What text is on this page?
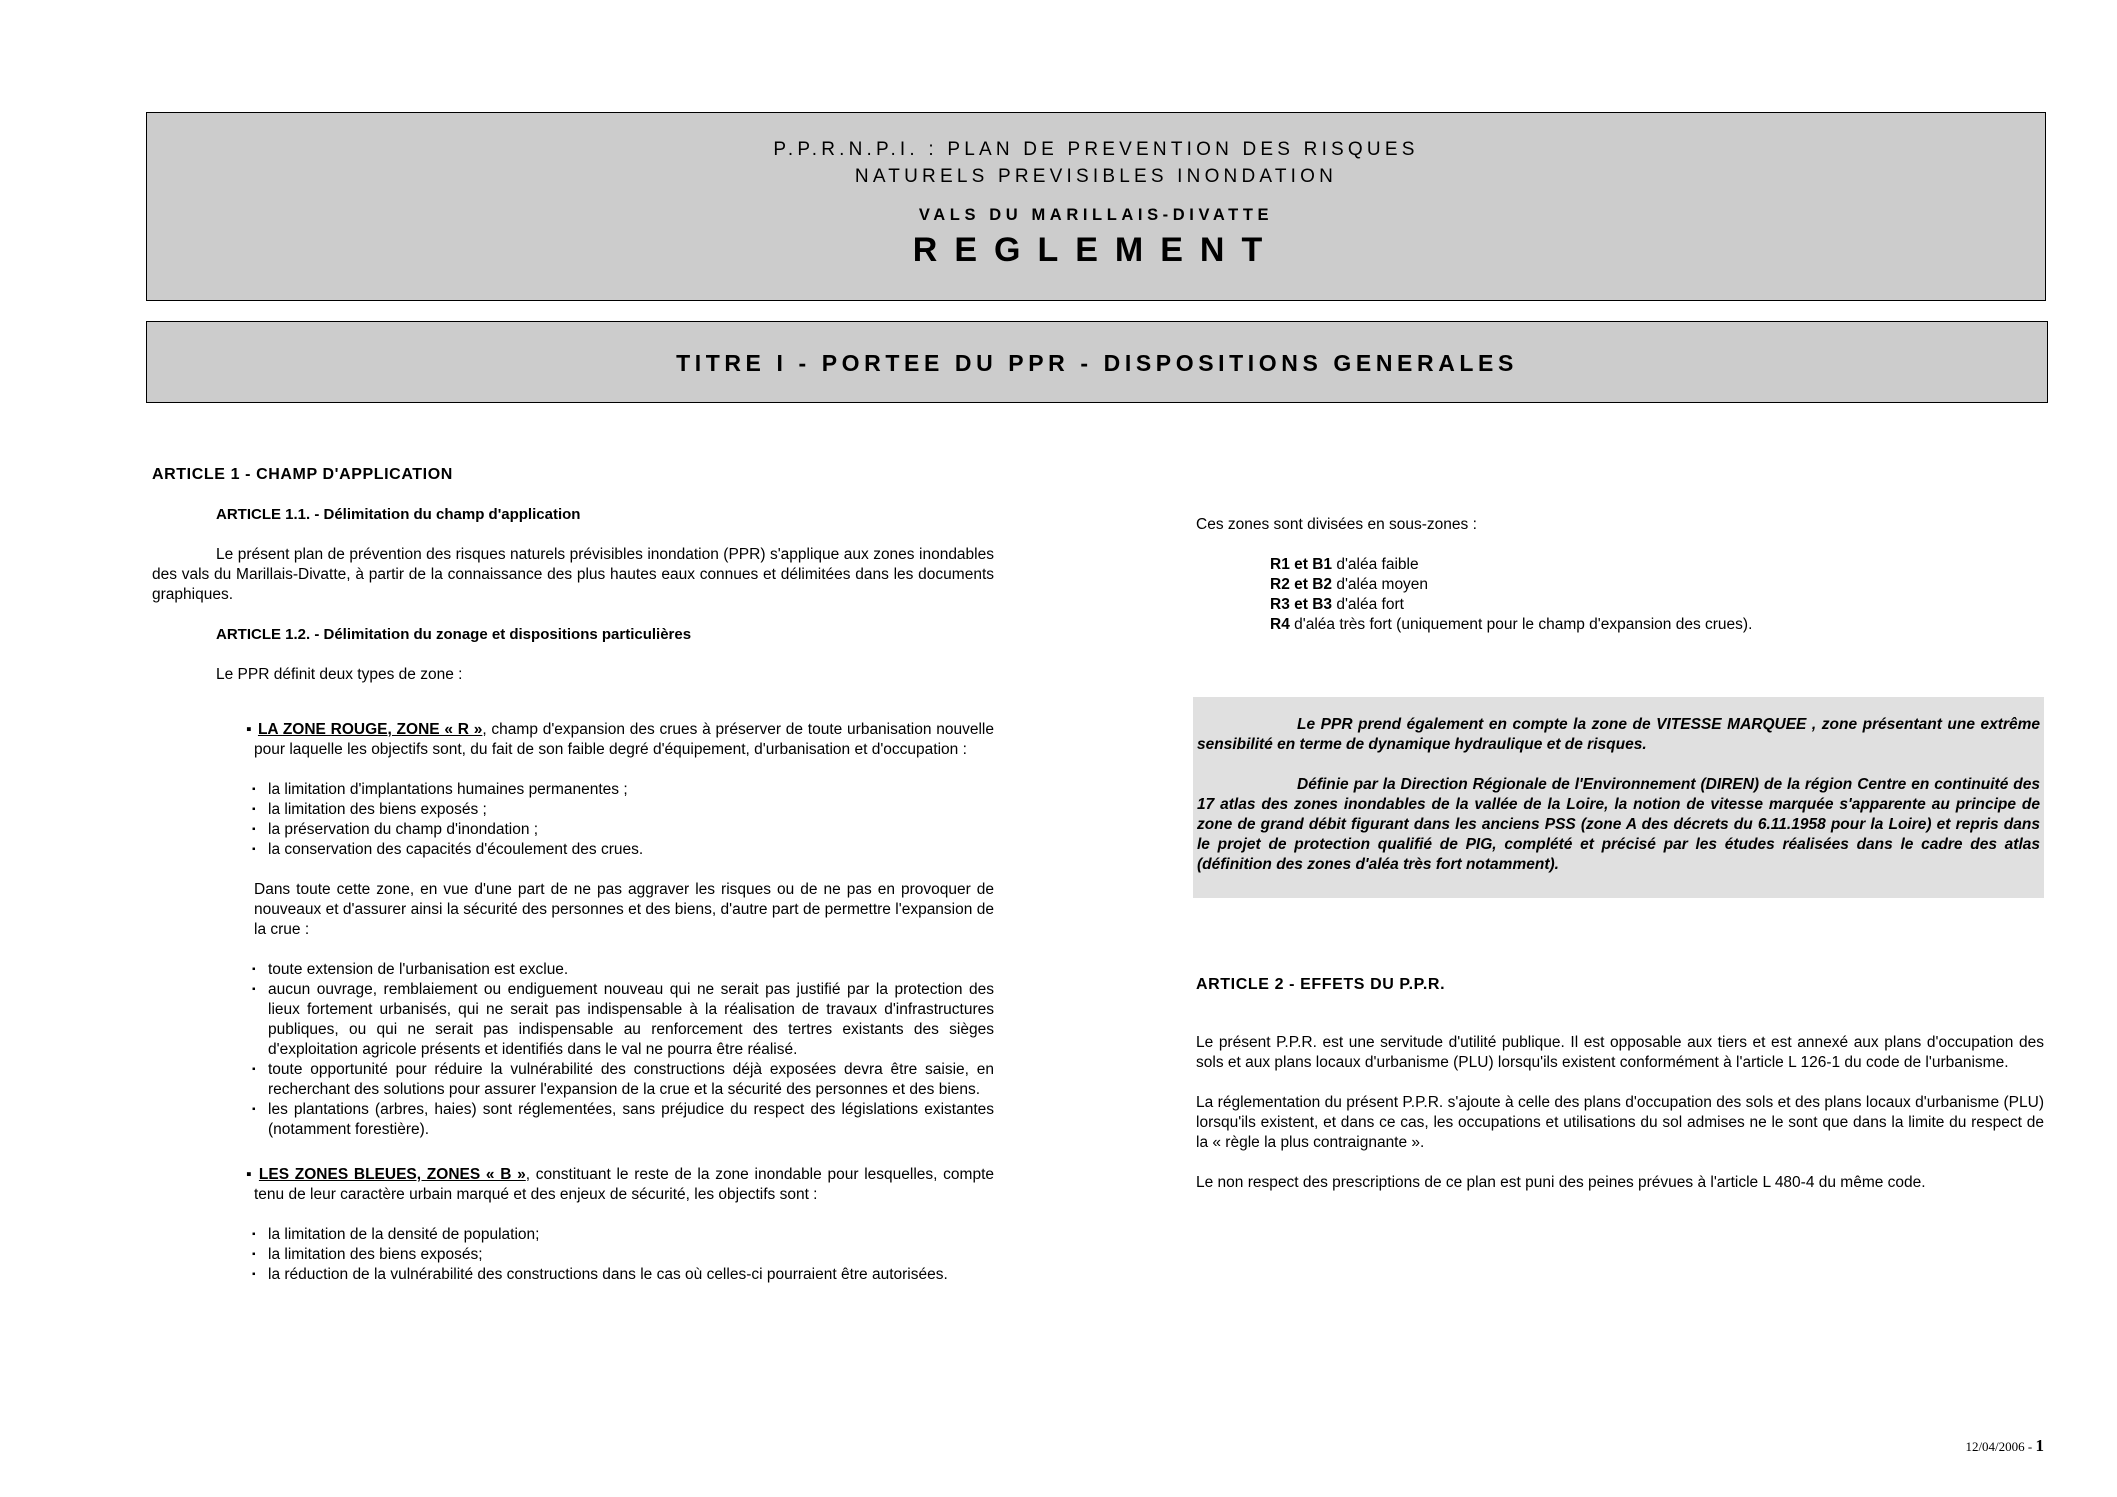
P.P.R.N.P.I. : PLAN DE PREVENTION DES RISQUES
NATURELS PREVISIBLES INONDATION
VALS DU MARILLAIS-DIVATTE
REGLEMENT
TITRE I - PORTEE DU PPR - DISPOSITIONS GENERALES
ARTICLE 1 - CHAMP D'APPLICATION
ARTICLE 1.1. - Délimitation du champ d'application
Le présent plan de prévention des risques naturels prévisibles inondation (PPR) s'applique aux zones inondables des vals du Marillais-Divatte, à partir de la connaissance des plus hautes eaux connues et délimitées dans les documents graphiques.
ARTICLE 1.2. - Délimitation du zonage et dispositions particulières
Le PPR définit deux types de zone :
▪ LA ZONE ROUGE, ZONE « R », champ d'expansion des crues à préserver de toute urbanisation nouvelle pour laquelle les objectifs sont, du fait de son faible degré d'équipement, d'urbanisation et d'occupation :
▪ la limitation d'implantations humaines permanentes ;
▪ la limitation des biens exposés ;
▪ la préservation du champ d'inondation ;
▪ la conservation des capacités d'écoulement des crues.
Dans toute cette zone, en vue d'une part de ne pas aggraver les risques ou de ne pas en provoquer de nouveaux et d'assurer ainsi la sécurité des personnes et des biens, d'autre part de permettre l'expansion de la crue :
▪ toute extension de l'urbanisation est exclue.
▪ aucun ouvrage, remblaiement ou endiguement nouveau qui ne serait pas justifié par la protection des lieux fortement urbanisés, qui ne serait pas indispensable à la réalisation de travaux d'infrastructures publiques, ou qui ne serait pas indispensable au renforcement des tertres existants des sièges d'exploitation agricole présents et identifiés dans le val ne pourra être réalisé.
▪ toute opportunité pour réduire la vulnérabilité des constructions déjà exposées devra être saisie, en recherchant des solutions pour assurer l'expansion de la crue et la sécurité des personnes et des biens.
▪ les plantations (arbres, haies) sont réglementées, sans préjudice du respect des législations existantes (notamment forestière).
▪ LES ZONES BLEUES, ZONES « B », constituant le reste de la zone inondable pour lesquelles, compte tenu de leur caractère urbain marqué et des enjeux de sécurité, les objectifs sont :
▪ la limitation de la densité de population;
▪ la limitation des biens exposés;
▪ la réduction de la vulnérabilité des constructions dans le cas où celles-ci pourraient être autorisées.
Ces zones sont divisées en sous-zones :
R1 et B1 d'aléa faible
R2 et B2 d'aléa moyen
R3 et B3 d'aléa fort
R4 d'aléa très fort (uniquement pour le champ d'expansion des crues).
Le PPR prend également en compte la zone de VITESSE MARQUEE , zone présentant une extrême sensibilité en terme de dynamique hydraulique et de risques.
Définie par la Direction Régionale de l'Environnement (DIREN) de la région Centre en continuité des 17 atlas des zones inondables de la vallée de la Loire, la notion de vitesse marquée s'apparente au principe de zone de grand débit figurant dans les anciens PSS (zone A des décrets du 6.11.1958 pour la Loire) et repris dans le projet de protection qualifié de PIG, complété et précisé par les études réalisées dans le cadre des atlas (définition des zones d'aléa très fort notamment).
ARTICLE 2 - EFFETS DU P.P.R.
Le présent P.P.R. est une servitude d'utilité publique. Il est opposable aux tiers et est annexé aux plans d'occupation des sols et aux plans locaux d'urbanisme (PLU) lorsqu'ils existent conformément à l'article L 126-1 du code de l'urbanisme.
La réglementation du présent P.P.R. s'ajoute à celle des plans d'occupation des sols et des plans locaux d'urbanisme (PLU) lorsqu'ils existent, et dans ce cas, les occupations et utilisations du sol admises ne le sont que dans la limite du respect de la « règle la plus contraignante ».
Le non respect des prescriptions de ce plan est puni des peines prévues à l'article L 480-4 du même code.
12/04/2006 - 1
